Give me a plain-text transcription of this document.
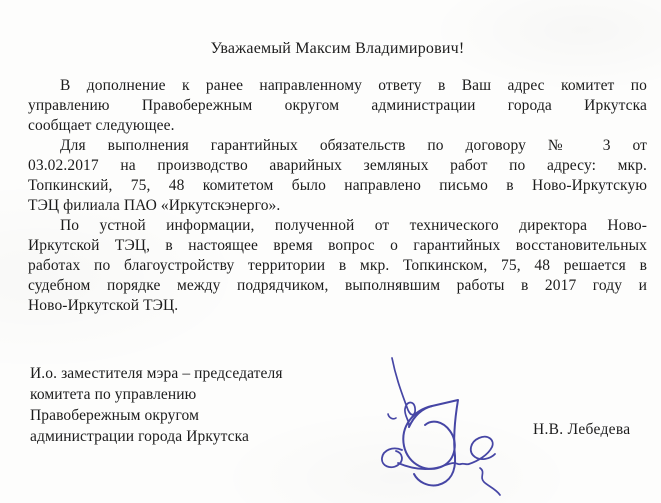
Уважаемый Максим Владимирович!
В дополнение к ранее направленному ответу в Ваш адрес комитет по
управлению Правобережным округом администрации города Иркутска
сообщает следующее.
Для выполнения гарантийных обязательств по договору № 3 от
03.02.2017 на производство аварийных земляных работ по адресу: мкр.
Топкинский, 75, 48 комитетом было направлено письмо в Ново-Иркутскую
ТЭЦ филиала ПАО «Иркутскэнерго».
По устной информации, полученной от технического директора Ново-
Иркутской ТЭЦ, в настоящее время вопрос о гарантийных восстановительных
работах по благоустройству территории в мкр. Топкинском, 75, 48 решается в
судебном порядке между подрядчиком, выполнявшим работы в 2017 году и
Ново-Иркутской ТЭЦ.
И.о. заместителя мэра – председателя
комитета по управлению
Правобережным округом
администрации города Иркутска	Н.В. Лебедева
